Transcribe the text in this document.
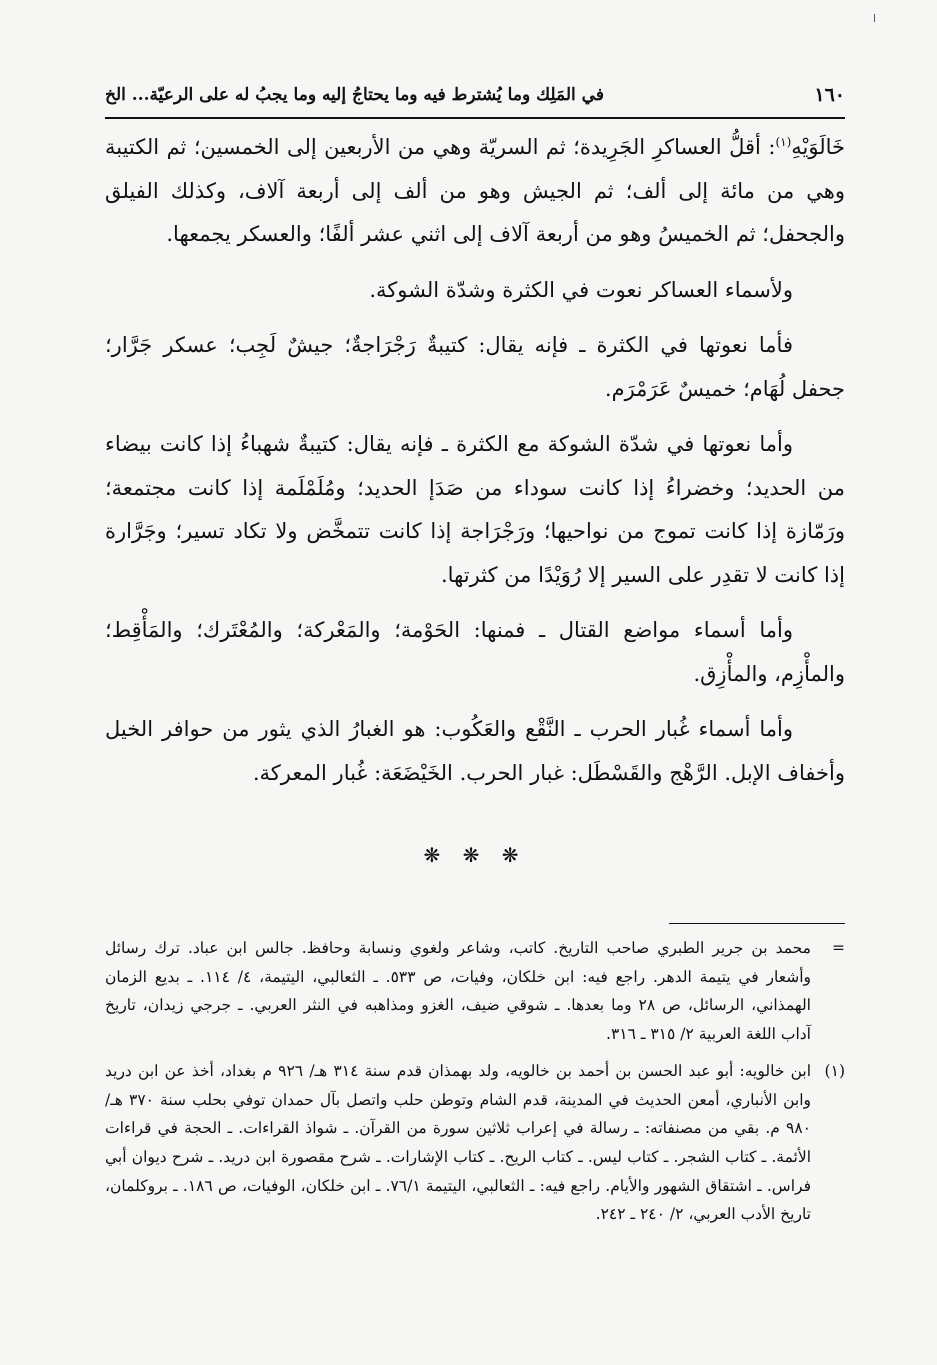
١٦٠
في المَلِك وما يُشترط فيه وما يحتاجُ إليه وما يجبُ له على الرعيّة... الخ

خَالَوَيْهِ$^{(١)}$: أقلُّ العساكرِ الجَرِيدة؛ ثم السريّة وهي من الأربعين إلى الخمسين؛ ثم الكتيبة وهي من مائة إلى ألف؛ ثم الجيش وهو من ألف إلى أربعة آلاف، وكذلك الفيلق والجحفل؛ ثم الخميسُ وهو من أربعة آلاف إلى اثني عشر ألفًا؛ والعسكر يجمعها.

ولأسماء العساكر نعوت في الكثرة وشدّة الشوكة.

فأما نعوتها في الكثرة ـ فإنه يقال: كتيبةٌ رَجْرَاجةٌ؛ جيشٌ لَجِب؛ عسكر جَرَّار؛ جحفل لُهَام؛ خميسٌ عَرَمْرَم.

وأما نعوتها في شدّة الشوكة مع الكثرة ـ فإنه يقال: كتيبةٌ شهباءُ إذا كانت بيضاء من الحديد؛ وخضراءُ إذا كانت سوداء من صَدَإ الحديد؛ ومُلَمْلَمة إذا كانت مجتمعة؛ ورَمّازة إذا كانت تموج من نواحيها؛ ورَجْرَاجة إذا كانت تتمخَّض ولا تكاد تسير؛ وجَرَّارة إذا كانت لا تقدِر على السير إلا رُوَيْدًا من كثرتها.

وأما أسماء مواضع القتال ـ فمنها: الحَوْمة؛ والمَعْركة؛ والمُعْتَرك؛ والمَأْقِط؛ والمأْزِم، والمأْزِق.

وأما أسماء غُبار الحرب ـ النَّقْع والعَكُوب: هو الغبارُ الذي يثور من حوافر الخيل وأخفاف الإبل. الرَّهْج والقَسْطَل: غبار الحرب. الخَيْضَعَة: غُبار المعركة.

❋ ❋ ❋
=
محمد بن جرير الطبري صاحب التاريخ. كاتب، وشاعر ولغوي ونسابة وحافظ. جالس ابن عباد. ترك رسائل وأشعار في يتيمة الدهر. راجع فيه: ابن خلكان، وفيات، ص ٥٣٣. ـ الثعالبي، اليتيمة، ٤/ ١١٤. ـ بديع الزمان الهمذاني، الرسائل، ص ٢٨ وما بعدها. ـ شوقي ضيف، الغزو ومذاهبه في النثر العربي. ـ جرجي زيدان، تاريخ آداب اللغة العربية ٢/ ٣١٥ ـ ٣١٦.
(١)
ابن خالويه: أبو عبد الحسن بن أحمد بن خالويه، ولد بهمذان قدم سنة ٣١٤ هـ/ ٩٢٦ م بغداد، أخذ عن ابن دريد وابن الأنباري، أمعن الحديث في المدينة، قدم الشام وتوطن حلب واتصل بآل حمدان توفي بحلب سنة ٣٧٠ هـ/ ٩٨٠ م. بقي من مصنفاته: ـ رسالة في إعراب ثلاثين سورة من القرآن. ـ شواذ القراءات. ـ الحجة في قراءات الأئمة. ـ كتاب الشجر. ـ كتاب ليس. ـ كتاب الريح. ـ كتاب الإشارات. ـ شرح مقصورة ابن دريد. ـ شرح ديوان أبي فراس. ـ اشتقاق الشهور والأيام. راجع فيه: ـ الثعالبي، اليتيمة ٧٦/١. ـ ابن خلكان، الوفيات، ص ١٨٦. ـ بروكلمان، تاريخ الأدب العربي، ٢/ ٢٤٠ ـ ٢٤٢.
